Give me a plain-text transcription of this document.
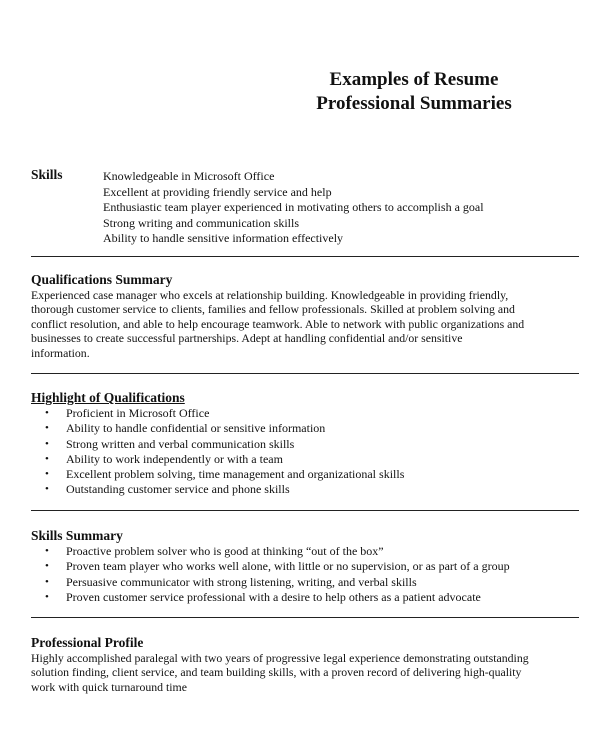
Examples of Resume
Professional Summaries
Skills	Knowledgeable in Microsoft Office
Excellent at providing friendly service and help
Enthusiastic team player experienced in motivating others to accomplish a goal
Strong writing and communication skills
Ability to handle sensitive information effectively
Qualifications Summary

Experienced case manager who excels at relationship building. Knowledgeable in providing friendly,

thorough customer service to clients, families and fellow professionals. Skilled at problem solving and

conflict resolution, and able to help encourage teamwork. Able to network with public organizations and

businesses to create successful partnerships. Adept at handling confidential and/or sensitive

information.

Highlight of Qualifications
• Proficient in Microsoft Office
• Ability to handle confidential or sensitive information
• Strong written and verbal communication skills
• Ability to work independently or with a team
• Excellent problem solving, time management and organizational skills
• Outstanding customer service and phone skills
Skills Summary
• Proactive problem solver who is good at thinking “out of the box”
• Proven team player who works well alone, with little or no supervision, or as part of a group
• Persuasive communicator with strong listening, writing, and verbal skills
• Proven customer service professional with a desire to help others as a patient advocate
Professional Profile

Highly accomplished paralegal with two years of progressive legal experience demonstrating outstanding

solution finding, client service, and team building skills, with a proven record of delivering high-quality

work with quick turnaround time
